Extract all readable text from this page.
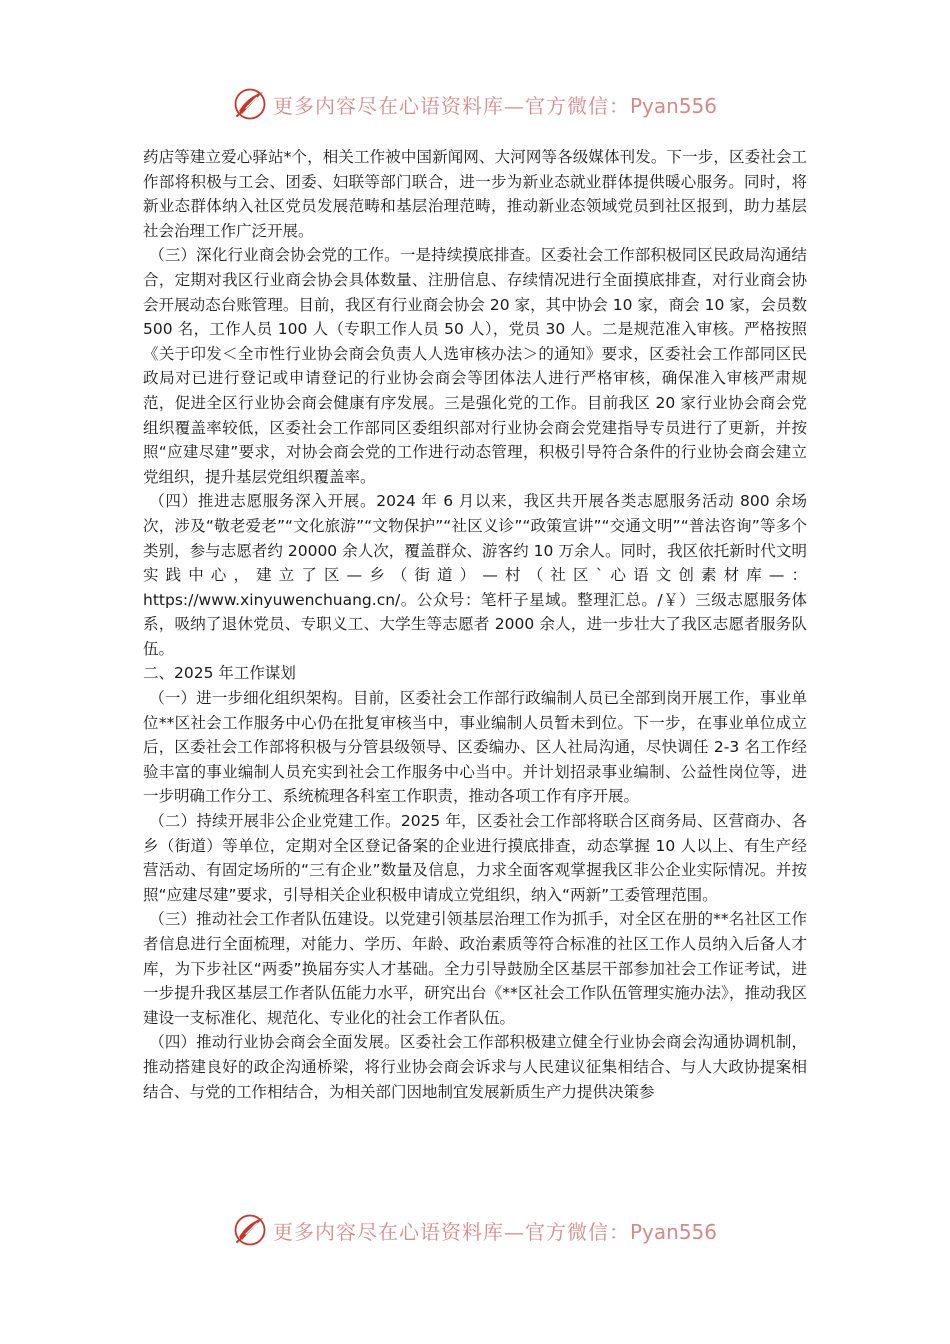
更多内容尽在心语资料库—官方微信：Pyan556

药店等建立爱心驿站*个，相关工作被中国新闻网、大河网等各级媒体刊发。下一步，区委社会工作部将积极与工会、团委、妇联等部门联合，进一步为新业态就业群体提供暖心服务。同时，将新业态群体纳入社区党员发展范畴和基层治理范畴，推动新业态领域党员到社区报到，助力基层社会治理工作广泛开展。

（三）深化行业商会协会党的工作。一是持续摸底排查。区委社会工作部积极同区民政局沟通结合，定期对我区行业商会协会具体数量、注册信息、存续情况进行全面摸底排查，对行业商会协会开展动态台账管理。目前，我区有行业商会协会 20 家，其中协会 10 家，商会 10 家，会员数 500 名，工作人员 100 人（专职工作人员 50 人），党员 30 人。二是规范准入审核。严格按照《关于印发＜全市性行业协会商会负责人人选审核办法＞的通知》要求，区委社会工作部同区民政局对已进行登记或申请登记的行业协会商会等团体法人进行严格审核，确保准入审核严肃规范，促进全区行业协会商会健康有序发展。三是强化党的工作。目前我区 20 家行业协会商会党组织覆盖率较低，区委社会工作部同区委组织部对行业协会商会党建指导专员进行了更新，并按照“应建尽建”要求，对协会商会党的工作进行动态管理，积极引导符合条件的行业协会商会建立党组织，提升基层党组织覆盖率。

（四）推进志愿服务深入开展。2024 年 6 月以来，我区共开展各类志愿服务活动 800 余场次，涉及“敬老爱老”“文化旅游”“文物保护”“社区义诊”“政策宣讲”“交通文明”“普法咨询”等多个类别，参与志愿者约 20000 余人次，覆盖群众、游客约 10 万余人。同时，我区依托新时代文明实践中心，建立了区—乡（街道）—村（社区`心语文创素材库—：https://www.xinyuwenchuang.cn/。公众号：笔杆子星域。整理汇总。/￥）三级志愿服务体系，吸纳了退休党员、专职义工、大学生等志愿者 2000 余人，进一步壮大了我区志愿者服务队伍。

二、2025 年工作谋划

（一）进一步细化组织架构。目前，区委社会工作部行政编制人员已全部到岗开展工作，事业单位**区社会工作服务中心仍在批复审核当中，事业编制人员暂未到位。下一步，在事业单位成立后，区委社会工作部将积极与分管县级领导、区委编办、区人社局沟通，尽快调任 2-3 名工作经验丰富的事业编制人员充实到社会工作服务中心当中。并计划招录事业编制、公益性岗位等，进一步明确工作分工、系统梳理各科室工作职责，推动各项工作有序开展。

（二）持续开展非公企业党建工作。2025 年，区委社会工作部将联合区商务局、区营商办、各乡（街道）等单位，定期对全区登记备案的企业进行摸底排查，动态掌握 10 人以上、有生产经营活动、有固定场所的“三有企业”数量及信息，力求全面客观掌握我区非公企业实际情况。并按照“应建尽建”要求，引导相关企业积极申请成立党组织，纳入“两新”工委管理范围。

（三）推动社会工作者队伍建设。以党建引领基层治理工作为抓手，对全区在册的**名社区工作者信息进行全面梳理，对能力、学历、年龄、政治素质等符合标准的社区工作人员纳入后备人才库，为下步社区“两委”换届夯实人才基础。全力引导鼓励全区基层干部参加社会工作证考试，进一步提升我区基层工作者队伍能力水平，研究出台《**区社会工作队伍管理实施办法》，推动我区建设一支标准化、规范化、专业化的社会工作者队伍。

（四）推动行业协会商会全面发展。区委社会工作部积极建立健全行业协会商会沟通协调机制，推动搭建良好的政企沟通桥梁，将行业协会商会诉求与人民建议征集相结合、与人大政协提案相结合、与党的工作相结合，为相关部门因地制宜发展新质生产力提供决策参

更多内容尽在心语资料库—官方微信：Pyan556
